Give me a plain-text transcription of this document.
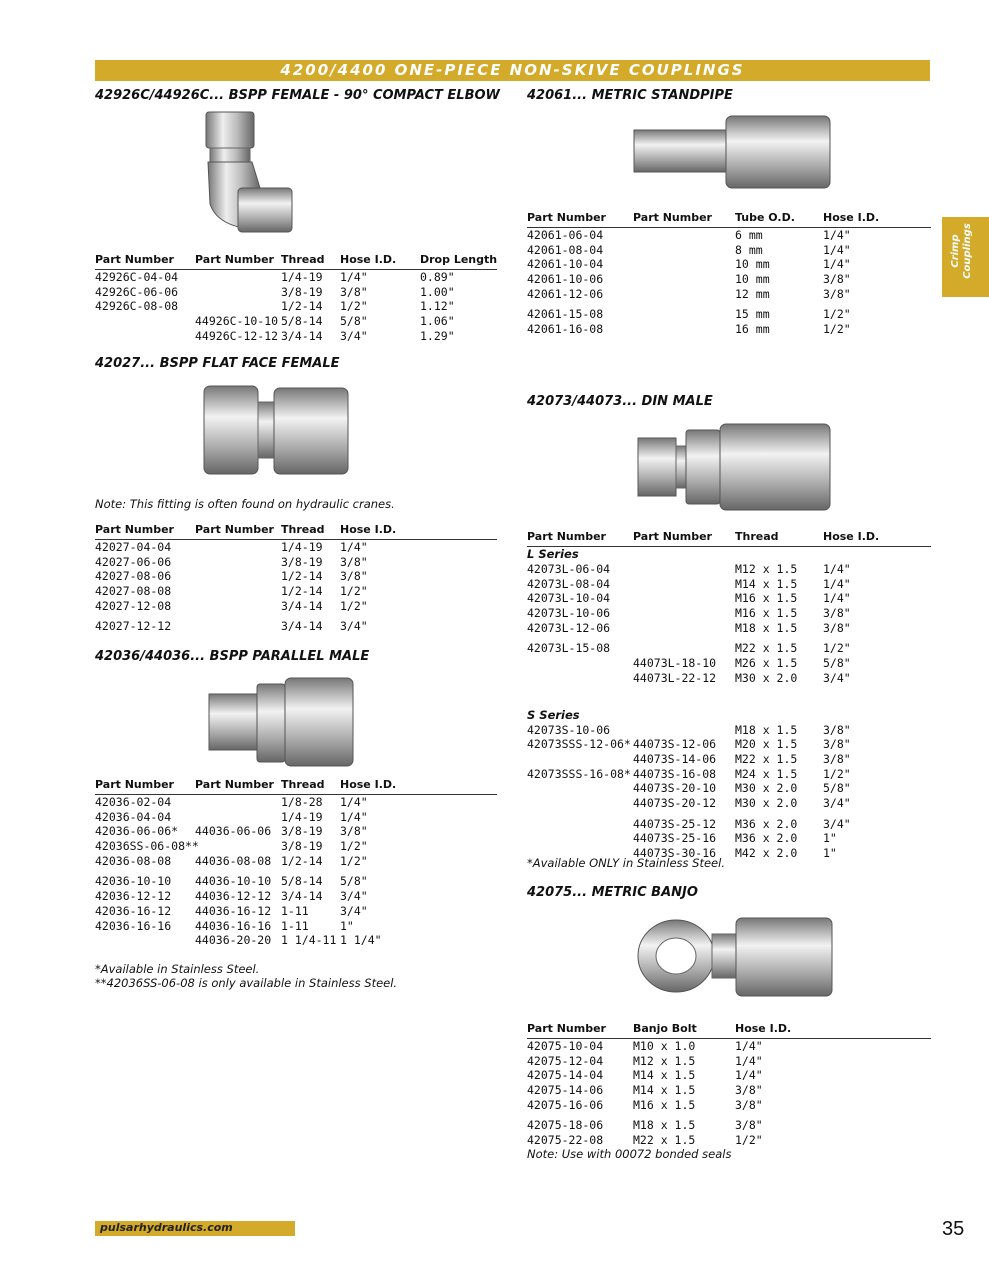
4200/4400 ONE-PIECE NON-SKIVE COUPLINGS
Crimp Couplings
42926C/44926C... BSPP FEMALE - 90° COMPACT ELBOW
Part Number Part Number Thread Hose I.D. Drop Length
42926C-04-04	1/4-19 1/4"	0.89"
42926C-06-06	3/8-19 3/8"	1.00"
42926C-08-08	1/2-14 1/2"	1.12"
44926C-10-10 5/8-14 5/8"	1.06"
44926C-12-12 3/4-14 3/4"	1.29"
42027... BSPP FLAT FACE FEMALE
Note: This fitting is often found on hydraulic cranes.
Part Number Part Number Thread Hose I.D.
42027-04-04	1/4-19 1/4"
42027-06-06	3/8-19 3/8"
42027-08-06	1/2-14 3/8"
42027-08-08	1/2-14 1/2"
42027-12-08	3/4-14 1/2"
42027-12-12	3/4-14 3/4"
42036/44036... BSPP PARALLEL MALE
Part Number Part Number Thread Hose I.D.
42036-02-04	1/8-28 1/4"
42036-04-04	1/4-19 1/4"
42036-06-06* 44036-06-06 3/8-19 3/8"
42036SS-06-08**	3/8-19 1/2"
42036-08-08 44036-08-08 1/2-14 1/2"
42036-10-10 44036-10-10 5/8-14 5/8"
42036-12-12 44036-12-12 3/4-14 3/4"
42036-16-12 44036-16-12 1-11	3/4"
42036-16-16 44036-16-16 1-11	1"
44036-20-20 1 1/4-11 1 1/4"
*Available in Stainless Steel.
**42036SS-06-08 is only available in Stainless Steel.
42061... METRIC STANDPIPE
Part Number Part Number Tube O.D.	Hose I.D.
42061-06-04	6 mm	1/4"
42061-08-04	8 mm	1/4"
42061-10-04	10 mm	1/4"
42061-10-06	10 mm	3/8"
42061-12-06	12 mm	3/8"
42061-15-08	15 mm	1/2"
42061-16-08	16 mm	1/2"
42073/44073... DIN MALE
Part Number Part Number Thread	Hose I.D.
L Series
42073L-06-04	M12 x 1.5 1/4"
42073L-08-04	M14 x 1.5 1/4"
42073L-10-04	M16 x 1.5 1/4"
42073L-10-06	M16 x 1.5 3/8"
42073L-12-06	M18 x 1.5 3/8"
42073L-15-08	M22 x 1.5 1/2"
44073L-18-10 M26 x 1.5 5/8"
44073L-22-12 M30 x 2.0 3/4"
S Series
42073S-10-06	M18 x 1.5 3/8"
42073SSS-12-06* 44073S-12-06 M20 x 1.5 3/8"
44073S-14-06 M22 x 1.5 3/8"
42073SSS-16-08* 44073S-16-08 M24 x 1.5 1/2"
44073S-20-10 M30 x 2.0 5/8"
44073S-20-12 M30 x 2.0 3/4"
44073S-25-12 M36 x 2.0 3/4"
44073S-25-16 M36 x 2.0 1"
44073S-30-16 M42 x 2.0 1"
*Available ONLY in Stainless Steel.
42075... METRIC BANJO
Part Number Banjo Bolt	Hose I.D.
42075-10-04	M10 x 1.0	1/4"
42075-12-04	M12 x 1.5	1/4"
42075-14-04	M14 x 1.5	1/4"
42075-14-06	M14 x 1.5	3/8"
42075-16-06	M16 x 1.5	3/8"
42075-18-06	M18 x 1.5	3/8"
42075-22-08	M22 x 1.5	1/2"
Note: Use with 00072 bonded seals
pulsarhydraulics.com	35
